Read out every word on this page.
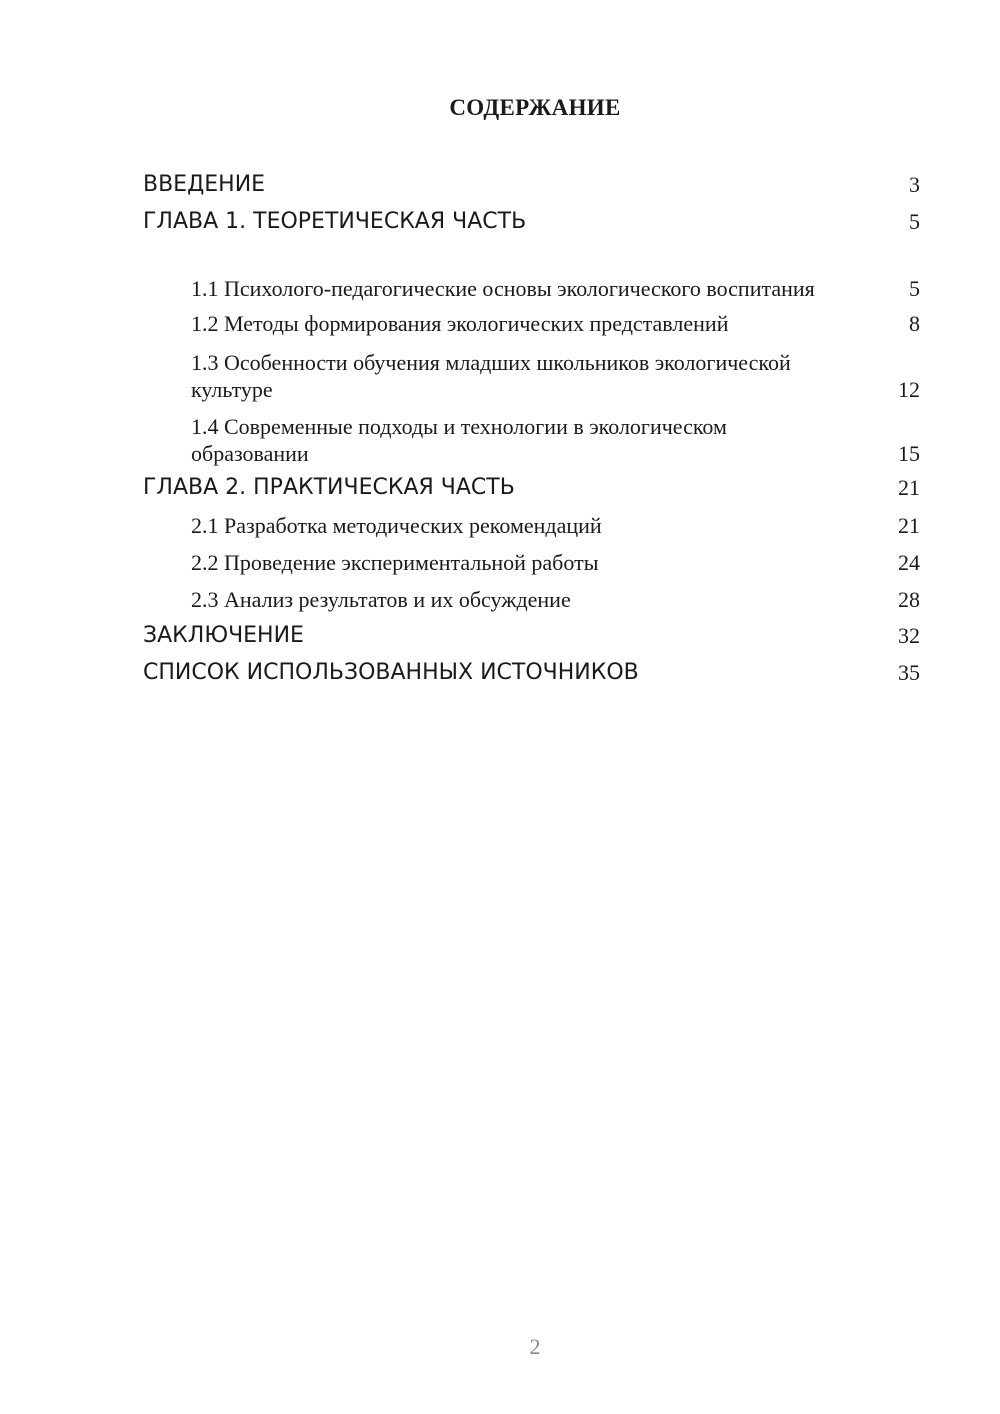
СОДЕРЖАНИЕ
ВВЕДЕНИЕ	3
ГЛАВА 1. ТЕОРЕТИЧЕСКАЯ ЧАСТЬ	5
1.1 Психолого-педагогические основы экологического воспитания	5
1.2 Методы формирования экологических представлений	8
1.3 Особенности обучения младших школьников экологической культуре	12
1.4 Современные подходы и технологии в экологическом образовании	15
ГЛАВА 2. ПРАКТИЧЕСКАЯ ЧАСТЬ	21
2.1 Разработка методических рекомендаций	21
2.2 Проведение экспериментальной работы	24
2.3 Анализ результатов и их обсуждение	28
ЗАКЛЮЧЕНИЕ	32
СПИСОК ИСПОЛЬЗОВАННЫХ ИСТОЧНИКОВ	35
2
